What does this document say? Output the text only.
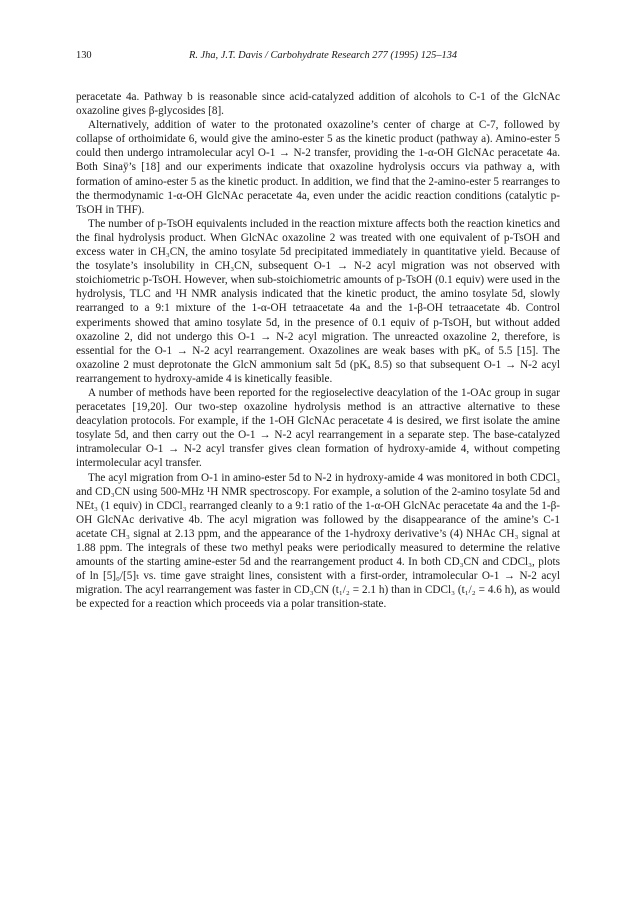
130	R. Jha, J.T. Davis / Carbohydrate Research 277 (1995) 125–134

peracetate 4a. Pathway b is reasonable since acid-catalyzed addition of alcohols to C-1 of the GlcNAc oxazoline gives β-glycosides [8].

Alternatively, addition of water to the protonated oxazoline’s center of charge at C-7, followed by collapse of orthoimidate 6, would give the amino-ester 5 as the kinetic product (pathway a). Amino-ester 5 could then undergo intramolecular acyl O-1 → N-2 transfer, providing the 1-α-OH GlcNAc peracetate 4a. Both Sinaÿ’s [18] and our experiments indicate that oxazoline hydrolysis occurs via pathway a, with formation of amino-ester 5 as the kinetic product. In addition, we find that the 2-amino-ester 5 rearranges to the thermodynamic 1-α-OH GlcNAc peracetate 4a, even under the acidic reaction conditions (catalytic p-TsOH in THF).

The number of p-TsOH equivalents included in the reaction mixture affects both the reaction kinetics and the final hydrolysis product. When GlcNAc oxazoline 2 was treated with one equivalent of p-TsOH and excess water in CH₃CN, the amino tosylate 5d precipitated immediately in quantitative yield. Because of the tosylate’s insolubility in CH₃CN, subsequent O-1 → N-2 acyl migration was not observed with stoichiometric p-TsOH. However, when sub-stoichiometric amounts of p-TsOH (0.1 equiv) were used in the hydrolysis, TLC and ¹H NMR analysis indicated that the kinetic product, the amino tosylate 5d, slowly rearranged to a 9:1 mixture of the 1-α-OH tetraacetate 4a and the 1-β-OH tetraacetate 4b. Control experiments showed that amino tosylate 5d, in the presence of 0.1 equiv of p-TsOH, but without added oxazoline 2, did not undergo this O-1 → N-2 acyl migration. The unreacted oxazoline 2, therefore, is essential for the O-1 → N-2 acyl rearrangement. Oxazolines are weak bases with pKₐ of 5.5 [15]. The oxazoline 2 must deprotonate the GlcN ammonium salt 5d (pKₐ 8.5) so that subsequent O-1 → N-2 acyl rearrangement to hydroxy-amide 4 is kinetically feasible.

A number of methods have been reported for the regioselective deacylation of the 1-OAc group in sugar peracetates [19,20]. Our two-step oxazoline hydrolysis method is an attractive alternative to these deacylation protocols. For example, if the 1-OH GlcNAc peracetate 4 is desired, we first isolate the amine tosylate 5d, and then carry out the O-1 → N-2 acyl rearrangement in a separate step. The base-catalyzed intramolecular O-1 → N-2 acyl transfer gives clean formation of hydroxy-amide 4, without competing intermolecular acyl transfer.

The acyl migration from O-1 in amino-ester 5d to N-2 in hydroxy-amide 4 was monitored in both CDCl₃ and CD₃CN using 500-MHz ¹H NMR spectroscopy. For example, a solution of the 2-amino tosylate 5d and NEt₃ (1 equiv) in CDCl₃ rearranged cleanly to a 9:1 ratio of the 1-α-OH GlcNAc peracetate 4a and the 1-β-OH GlcNAc derivative 4b. The acyl migration was followed by the disappearance of the amine’s C-1 acetate CH₃ signal at 2.13 ppm, and the appearance of the 1-hydroxy derivative’s (4) NHAc CH₃ signal at 1.88 ppm. The integrals of these two methyl peaks were periodically measured to determine the relative amounts of the starting amine-ester 5d and the rearrangement product 4. In both CD₃CN and CDCl₃, plots of ln [5]₀/[5]ₜ vs. time gave straight lines, consistent with a first-order, intramolecular O-1 → N-2 acyl migration. The acyl rearrangement was faster in CD₃CN (t₁/₂ = 2.1 h) than in CDCl₃ (t₁/₂ = 4.6 h), as would be expected for a reaction which proceeds via a polar transition-state.
